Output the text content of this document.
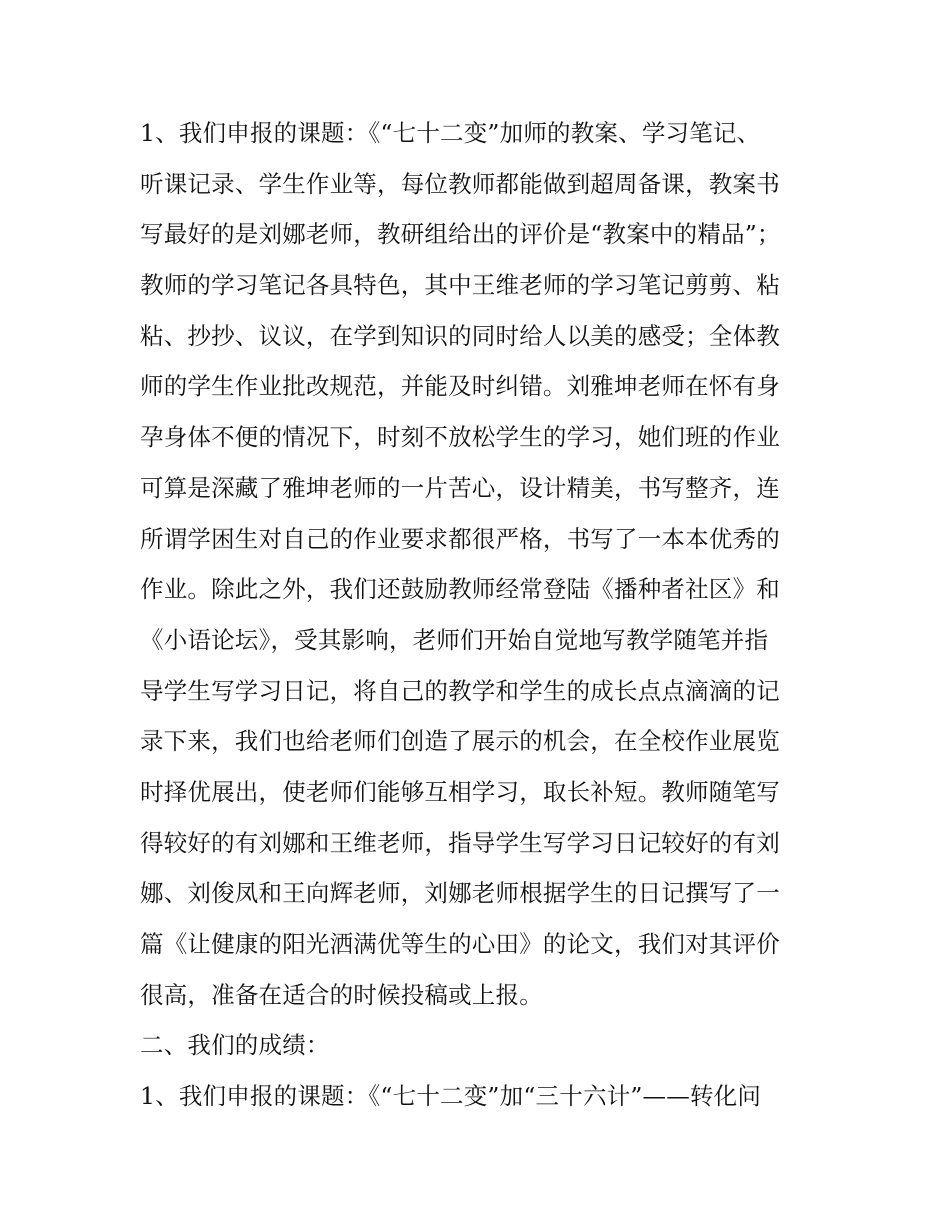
1、我们申报的课题：《“七十二变”加师的教案、学习笔记、
听课记录、学生作业等，每位教师都能做到超周备课，教案书
写最好的是刘娜老师，教研组给出的评价是“教案中的精品”；
教师的学习笔记各具特色，其中王维老师的学习笔记剪剪、粘
粘、抄抄、议议，在学到知识的同时给人以美的感受；全体教
师的学生作业批改规范，并能及时纠错。刘雅坤老师在怀有身
孕身体不便的情况下，时刻不放松学生的学习，她们班的作业
可算是深藏了雅坤老师的一片苦心，设计精美，书写整齐，连
所谓学困生对自己的作业要求都很严格，书写了一本本优秀的
作业。除此之外，我们还鼓励教师经常登陆《播种者社区》和
《小语论坛》，受其影响，老师们开始自觉地写教学随笔并指
导学生写学习日记，将自己的教学和学生的成长点点滴滴的记
录下来，我们也给老师们创造了展示的机会，在全校作业展览
时择优展出，使老师们能够互相学习，取长补短。教师随笔写
得较好的有刘娜和王维老师，指导学生写学习日记较好的有刘
娜、刘俊凤和王向辉老师，刘娜老师根据学生的日记撰写了一
篇《让健康的阳光洒满优等生的心田》的论文，我们对其评价
很高，准备在适合的时候投稿或上报。
二、我们的成绩：
1、我们申报的课题：《“七十二变”加“三十六计”——转化问
